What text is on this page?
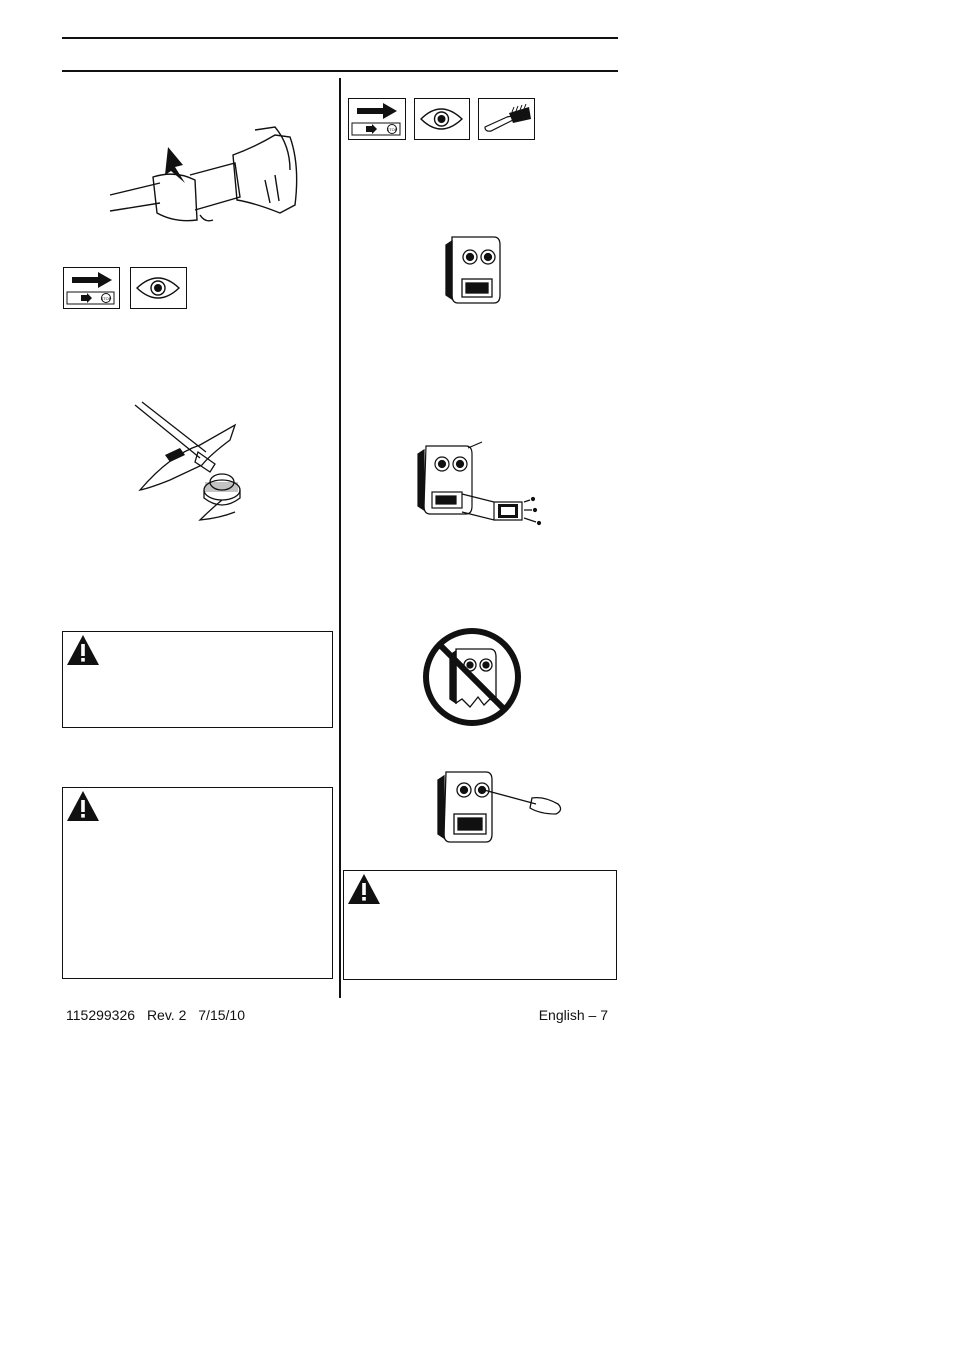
STOP
STOP
115299326 Rev. 2 7/15/10	English – 7
